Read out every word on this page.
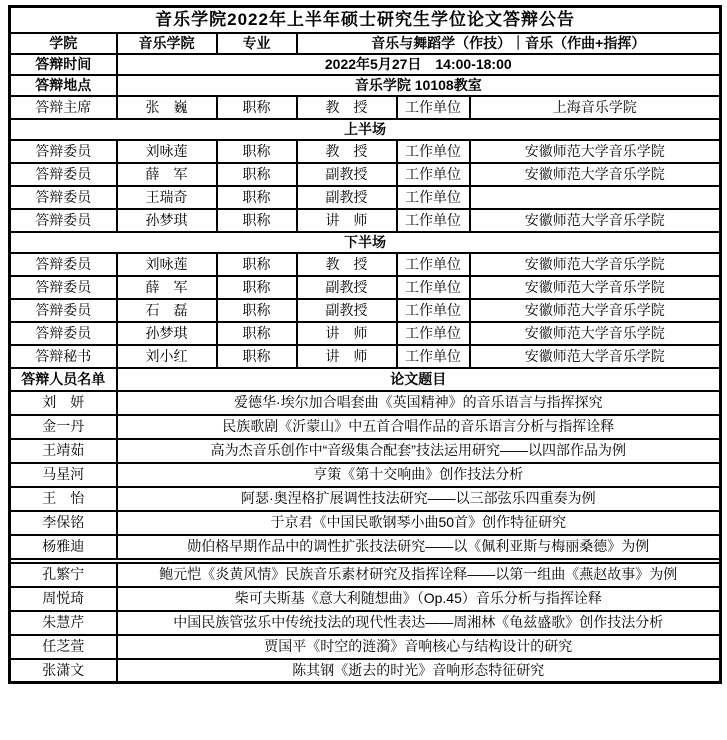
音乐学院2022年上半年硕士研究生学位论文答辩公告					
学院	音乐学院	专业	音乐与舞蹈学（作技）｜音乐（作曲+指挥）		
答辩时间	2022年5月27日　14:00-18:00				
答辩地点	音乐学院 10108教室				
答辩主席	张　巍	职称	教　授	工作单位	上海音乐学院
上半场					
答辩委员	刘咏莲	职称	教　授	工作单位	安徽师范大学音乐学院
答辩委员	薛　军	职称	副教授	工作单位	安徽师范大学音乐学院
答辩委员	王瑞奇	职称	副教授	工作单位	
答辩委员	孙梦琪	职称	讲　师	工作单位	安徽师范大学音乐学院
下半场					
答辩委员	刘咏莲	职称	教　授	工作单位	安徽师范大学音乐学院
答辩委员	薛　军	职称	副教授	工作单位	安徽师范大学音乐学院
答辩委员	石　磊	职称	副教授	工作单位	安徽师范大学音乐学院
答辩委员	孙梦琪	职称	讲　师	工作单位	安徽师范大学音乐学院
答辩秘书	刘小红	职称	讲　师	工作单位	安徽师范大学音乐学院
答辩人员名单	论文题目				
刘　妍	爱德华·埃尔加合唱套曲《英国精神》的音乐语言与指挥探究				
金一丹	民族歌剧《沂蒙山》中五首合唱作品的音乐语言分析与指挥诠释				
王靖茹	高为杰音乐创作中“音级集合配套”技法运用研究——以四部作品为例				
马星河	亨策《第十交响曲》创作技法分析				
王　怡	阿瑟·奥涅格扩展调性技法研究——以三部弦乐四重奏为例				
李保铭	于京君《中国民歌钢琴小曲50首》创作特征研究				
杨雅迪	勋伯格早期作品中的调性扩张技法研究——以《佩利亚斯与梅丽桑德》为例				

孔繁宁	鲍元恺《炎黄风情》民族音乐素材研究及指挥诠释——以第一组曲《燕赵故事》为例				
周悦琦	柴可夫斯基《意大利随想曲》（Op.45）音乐分析与指挥诠释				
朱慧芹	中国民族管弦乐中传统技法的现代性表达——周湘林《龟兹盛歌》创作技法分析				
任芝萱	贾国平《时空的涟漪》音响核心与结构设计的研究				
张潇文	陈其钢《逝去的时光》音响形态特征研究				
